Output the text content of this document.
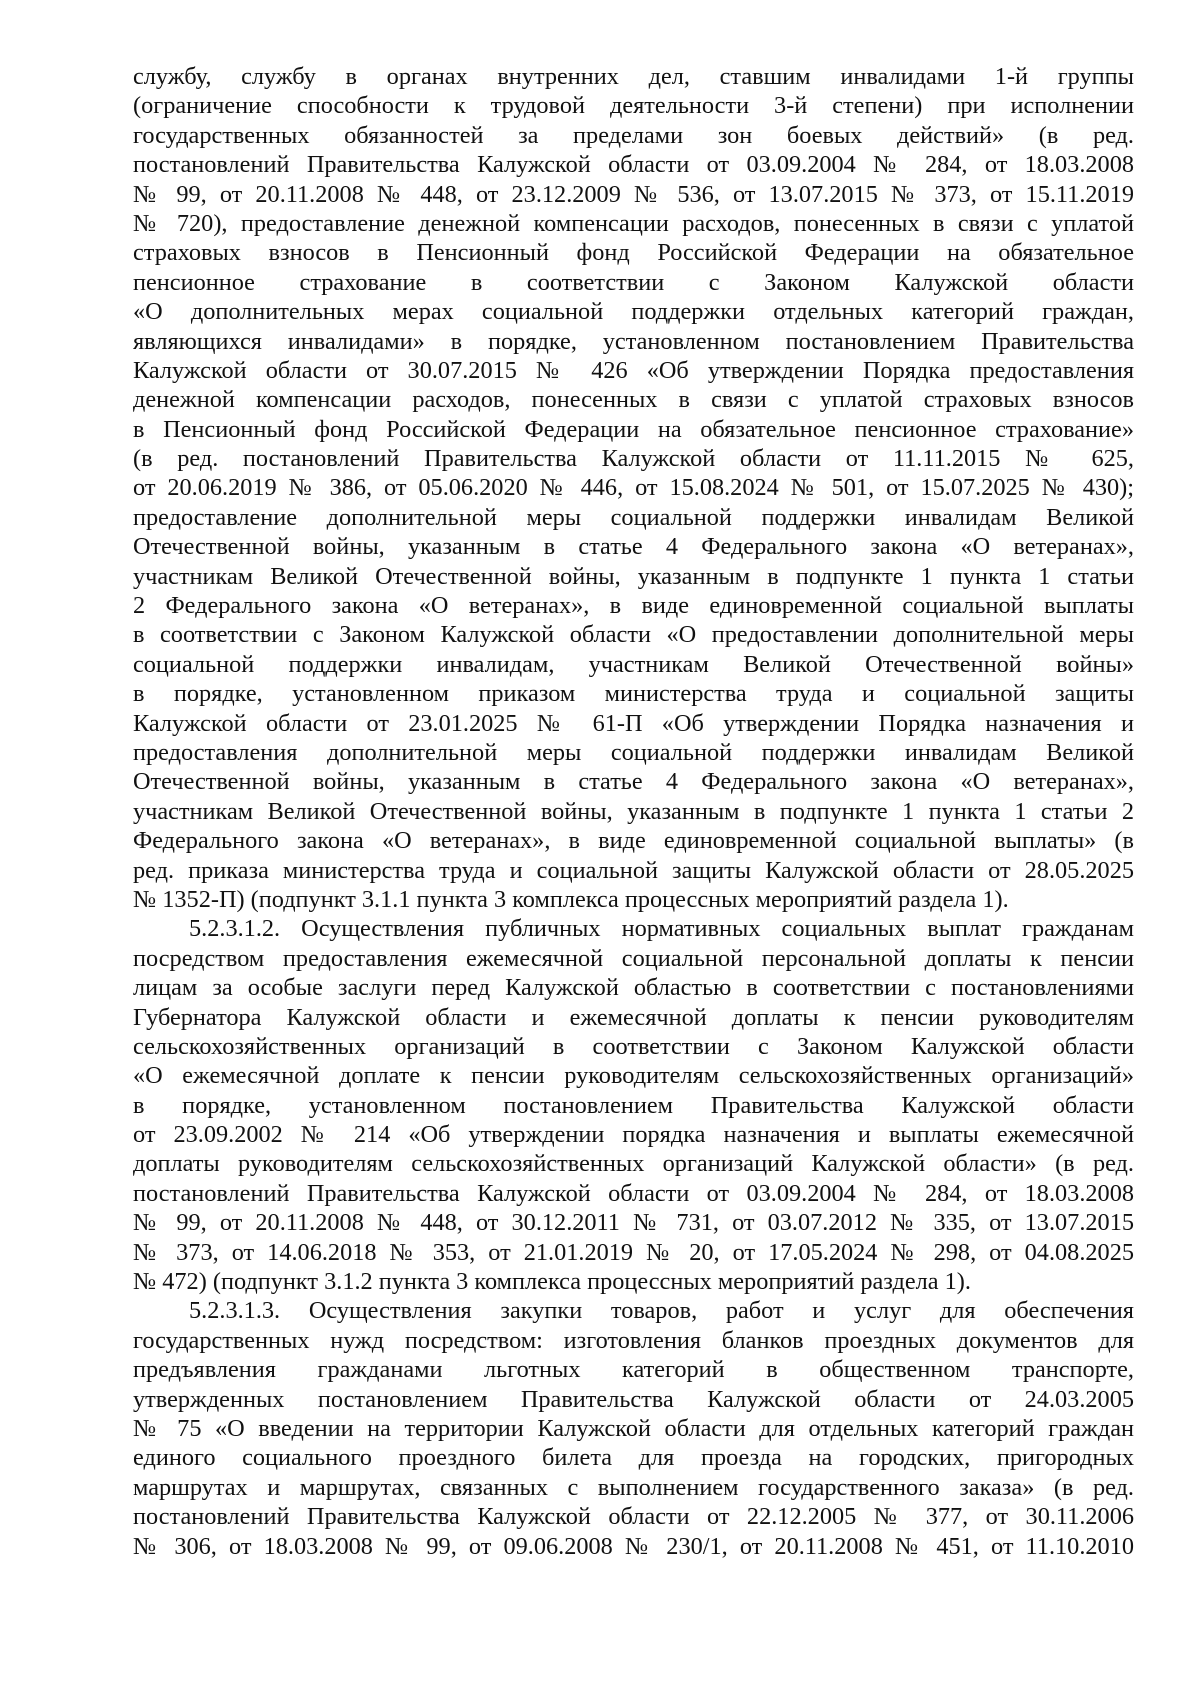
службу, службу в органах внутренних дел, ставшим инвалидами 1-й группы
(ограничение способности к трудовой деятельности 3-й степени) при исполнении
государственных обязанностей за пределами зон боевых действий» (в ред.
постановлений Правительства Калужской области от 03.09.2004 № 284, от 18.03.2008
№ 99, от 20.11.2008 № 448, от 23.12.2009 № 536, от 13.07.2015 № 373, от 15.11.2019
№ 720), предоставление денежной компенсации расходов, понесенных в связи с уплатой
страховых взносов в Пенсионный фонд Российской Федерации на обязательное
пенсионное страхование в соответствии с Законом Калужской области
«О дополнительных мерах социальной поддержки отдельных категорий граждан,
являющихся инвалидами» в порядке, установленном постановлением Правительства
Калужской области от 30.07.2015 № 426 «Об утверждении Порядка предоставления
денежной компенсации расходов, понесенных в связи с уплатой страховых взносов
в Пенсионный фонд Российской Федерации на обязательное пенсионное страхование»
(в ред. постановлений Правительства Калужской области от 11.11.2015 № 625,
от 20.06.2019 № 386, от 05.06.2020 № 446, от 15.08.2024 № 501, от 15.07.2025 № 430);
предоставление дополнительной меры социальной поддержки инвалидам Великой
Отечественной войны, указанным в статье 4 Федерального закона «О ветеранах»,
участникам Великой Отечественной войны, указанным в подпункте 1 пункта 1 статьи
2 Федерального закона «О ветеранах», в виде единовременной социальной выплаты
в соответствии с Законом Калужской области «О предоставлении дополнительной меры
социальной поддержки инвалидам, участникам Великой Отечественной войны»
в порядке, установленном приказом министерства труда и социальной защиты
Калужской области от 23.01.2025 № 61-П «Об утверждении Порядка назначения и
предоставления дополнительной меры социальной поддержки инвалидам Великой
Отечественной войны, указанным в статье 4 Федерального закона «О ветеранах»,
участникам Великой Отечественной войны, указанным в подпункте 1 пункта 1 статьи 2
Федерального закона «О ветеранах», в виде единовременной социальной выплаты» (в
ред. приказа министерства труда и социальной защиты Калужской области от 28.05.2025
№ 1352-П) (подпункт 3.1.1 пункта 3 комплекса процессных мероприятий раздела 1).
5.2.3.1.2. Осуществления публичных нормативных социальных выплат гражданам
посредством предоставления ежемесячной социальной персональной доплаты к пенсии
лицам за особые заслуги перед Калужской областью в соответствии с постановлениями
Губернатора Калужской области и ежемесячной доплаты к пенсии руководителям
сельскохозяйственных организаций в соответствии с Законом Калужской области
«О ежемесячной доплате к пенсии руководителям сельскохозяйственных организаций»
в порядке, установленном постановлением Правительства Калужской области
от 23.09.2002 № 214 «Об утверждении порядка назначения и выплаты ежемесячной
доплаты руководителям сельскохозяйственных организаций Калужской области» (в ред.
постановлений Правительства Калужской области от 03.09.2004 № 284, от 18.03.2008
№ 99, от 20.11.2008 № 448, от 30.12.2011 № 731, от 03.07.2012 № 335, от 13.07.2015
№ 373, от 14.06.2018 № 353, от 21.01.2019 № 20, от 17.05.2024 № 298, от 04.08.2025
№ 472) (подпункт 3.1.2 пункта 3 комплекса процессных мероприятий раздела 1).
5.2.3.1.3. Осуществления закупки товаров, работ и услуг для обеспечения
государственных нужд посредством: изготовления бланков проездных документов для
предъявления гражданами льготных категорий в общественном транспорте,
утвержденных постановлением Правительства Калужской области от 24.03.2005
№ 75 «О введении на территории Калужской области для отдельных категорий граждан
единого социального проездного билета для проезда на городских, пригородных
маршрутах и маршрутах, связанных с выполнением государственного заказа» (в ред.
постановлений Правительства Калужской области от 22.12.2005 № 377, от 30.11.2006
№ 306, от 18.03.2008 № 99, от 09.06.2008 № 230/1, от 20.11.2008 № 451, от 11.10.2010
